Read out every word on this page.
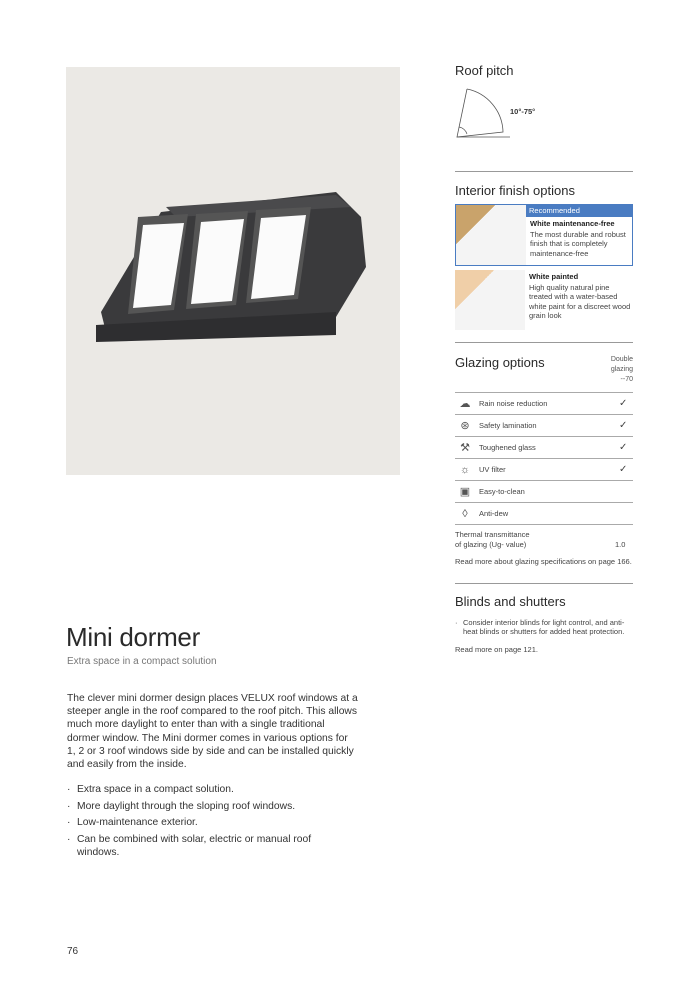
Mini dormer
Extra space in a compact solution

The clever mini dormer design places VELUX roof windows at a steeper angle in the roof compared to the roof pitch. This allows much more daylight to enter than with a single traditional dormer window. The Mini dormer comes in various options for 1, 2 or 3 roof windows side by side and can be installed quickly and easily from the inside.

· Extra space in a compact solution.
· More daylight through the sloping roof windows.
· Low-maintenance exterior.
· Can be combined with solar, electric or manual roof windows.
76
Roof pitch
10°-75°
Interior finish options
Recommended
White maintenance-free
The most durable and robust finish that is completely maintenance-free
White painted
High quality natural pine treated with a water-based white paint for a discreet wood grain look
Glazing options	Double glazing
--70
☁	Rain noise reduction	✓
⊛	Safety lamination	✓
⚒	Toughened glass	✓
☼	UV filter	✓
▣	Easy-to-clean
◊	Anti-dew
Thermal transmittance
of glazing (Ug- value)	1.0

Read more about glazing specifications on page 166.

Blinds and shutters

· Consider interior blinds for light control, and anti-heat blinds or shutters for added heat protection.

Read more on page 121.
